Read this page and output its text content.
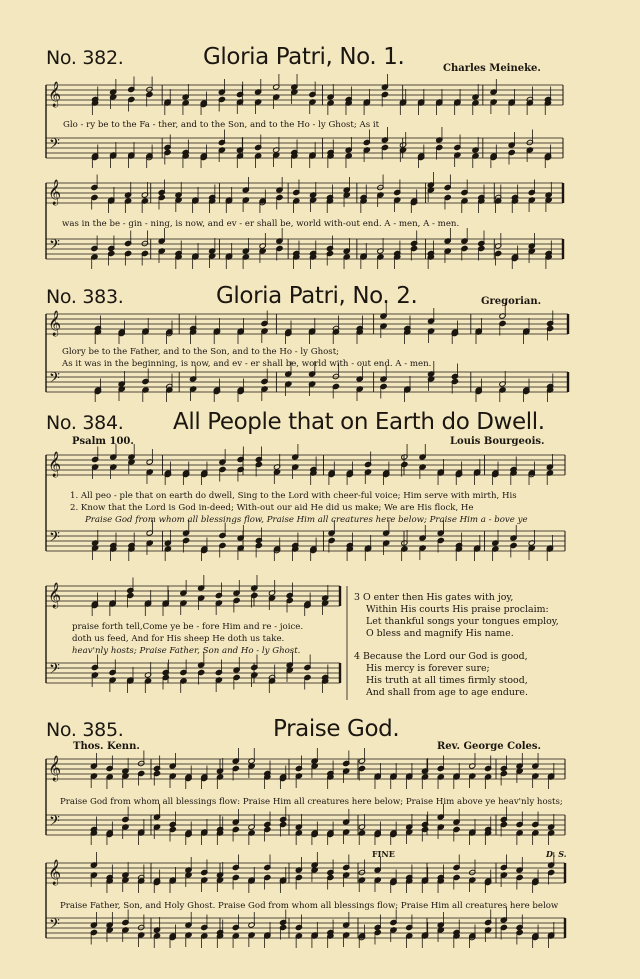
No. 382.	Gloria Patri, No. 1.	Charles Meineke.
𝄞
𝄢
𝄞
𝄢
𝄞
𝄢
𝄞
𝄢
𝄞
𝄢
𝄞
𝄢
𝄞
𝄢
Glo - ry be to the Fa - ther, and to the Son, and to the Ho - ly Ghost; As it
was in the be - gin - ning, is now, and ev - er shall be, world with-out end. A - men, A - men.
No. 383.	Gloria Patri, No. 2.	Gregorian.
Glory be to the Father, and to the Son, and to the Ho - ly Ghost;
As it was in the beginning, is now, and ev - er shall be, world with - out end. A - men.
No. 384. All People that on Earth do Dwell.
Psalm 100.	Louis Bourgeois.
1. All peo - ple that on earth do dwell, Sing to the Lord with cheer-ful voice; Him serve with mirth, His
2. Know that the Lord is God in-deed; With-out our aid He did us make; We are His flock, He
Praise God from whom all blessings flow, Praise Him all creatures here below; Praise Him a - bove ye
praise forth tell,Come ye be - fore Him and re - joice.
doth us feed, And for His sheep He doth us take.
heav'nly hosts; Praise Father, Son and Ho - ly Ghost.
3 O enter then His gates with joy,
Within His courts His praise proclaim:
Let thankful songs your tongues employ,
O bless and magnify His name.
4 Because the Lord our God is good,
His mercy is forever sure;
His truth at all times firmly stood,
And shall from age to age endure.
No. 385.	Praise God.
Thos. Kenn.	Rev. George Coles.
Praise God from whom all blessings flow: Praise Him all creatures here below; Praise Him above ye heav'nly hosts;
Praise Father, Son, and Holy Ghost. Praise God from whom all blessings flow; Praise Him all creatures here below
FINE	D. S.
